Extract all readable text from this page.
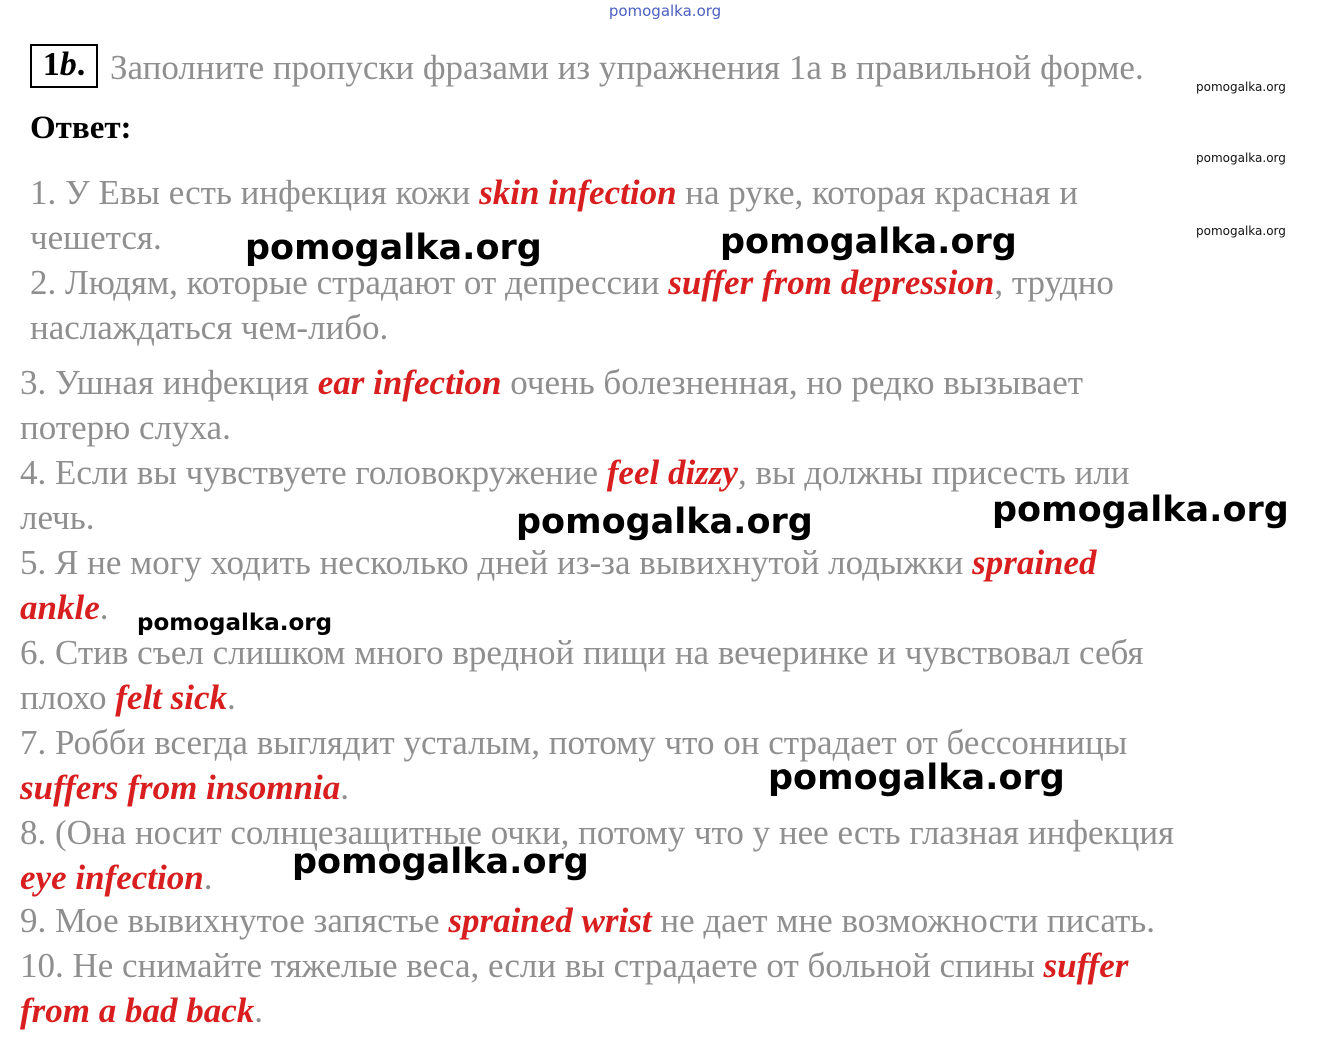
pomogalka.org
1b. Заполните пропуски фразами из упражнения 1а в правильной форме.
Ответ:
pomogalka.org
pomogalka.org
pomogalka.org
1. У Евы есть инфекция кожи skin infection на руке, которая красная и
чешется. pomogalka.org	pomogalka.org
2. Людям, которые страдают от депрессии suffer from depression, трудно
наслаждаться чем-либо.
3. Ушная инфекция ear infection очень болезненная, но редко вызывает
потерю слуха.
4. Если вы чувствуете головокружение feel dizzy, вы должны присесть или
лечь.	pomogalka.org	pomogalka.org
5. Я не могу ходить несколько дней из-за вывихнутой лодыжки sprained
ankle. pomogalka.org
6. Стив съел слишком много вредной пищи на вечеринке и чувствовал себя
плохо felt sick.
7. Робби всегда выглядит усталым, потому что он страдает от бессонницы
suffers from insomnia.	pomogalka.org
8. (Она носит солнцезащитные очки, потому что у нее есть глазная инфекция
eye infection. pomogalka.org
9. Мое вывихнутое запястье sprained wrist не дает мне возможности писать.
10. Не снимайте тяжелые веса, если вы страдаете от больной спины suffer
from a bad back.
